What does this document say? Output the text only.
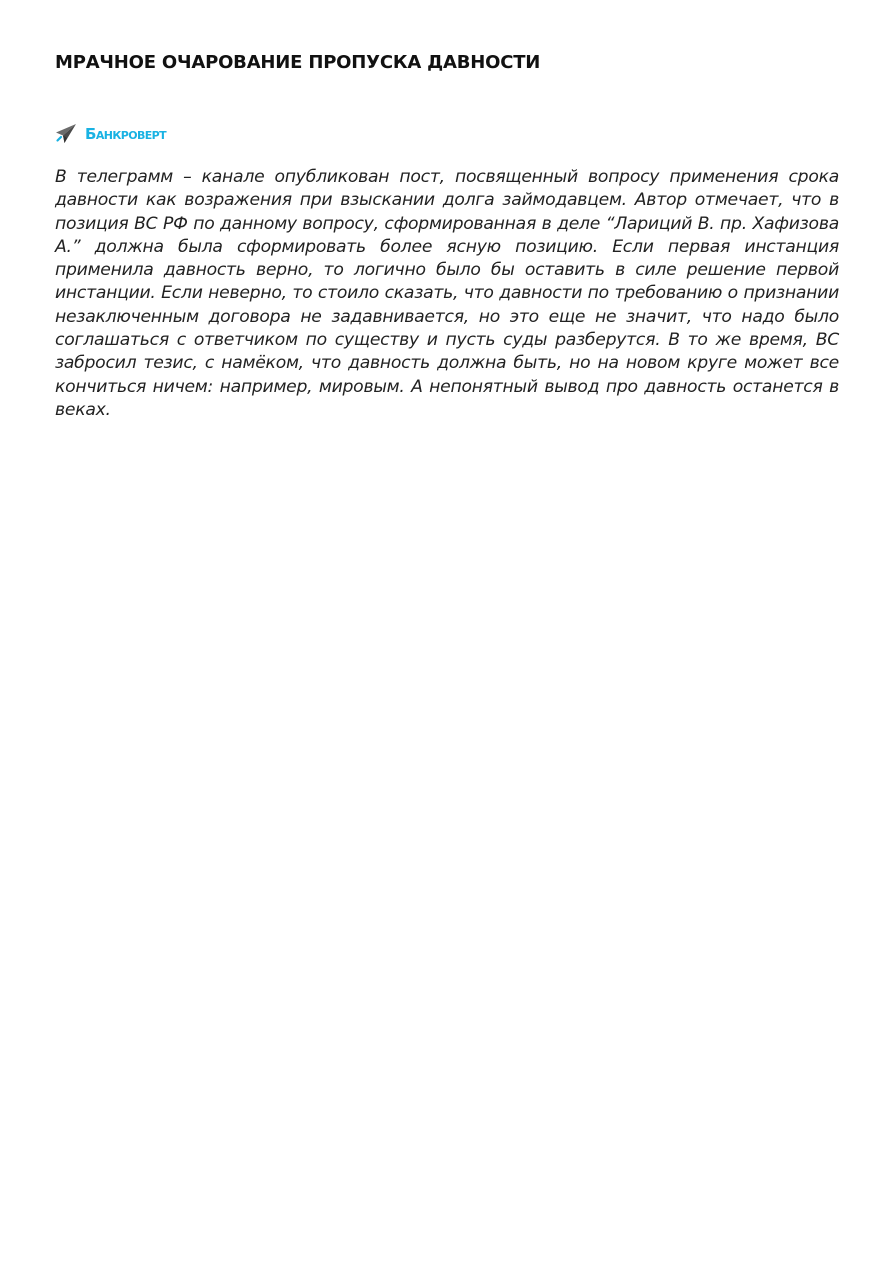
МРАЧНОЕ ОЧАРОВАНИЕ ПРОПУСКА ДАВНОСТИ
Банкроверт

В телеграмм – канале опубликован пост, посвященный вопросу применения срока давности как возражения при взыскании долга займодавцем. Автор отмечает, что в позиция ВС РФ по данному вопросу, сформированная в деле “Лариций В. пр. Хафизова А.” должна была сформировать более ясную позицию. Если первая инстанция применила давность верно, то логично было бы оставить в силе решение первой инстанции. Если неверно, то стоило сказать, что давности по требованию о признании незаключенным договора не задавнивается, но это еще не значит, что надо было соглашаться с ответчиком по существу и пусть суды разберутся. В то же время, ВС забросил тезис, с намёком, что давность должна быть, но на новом круге может все кончиться ничем: например, мировым. А непонятный вывод про давность останется в веках.
